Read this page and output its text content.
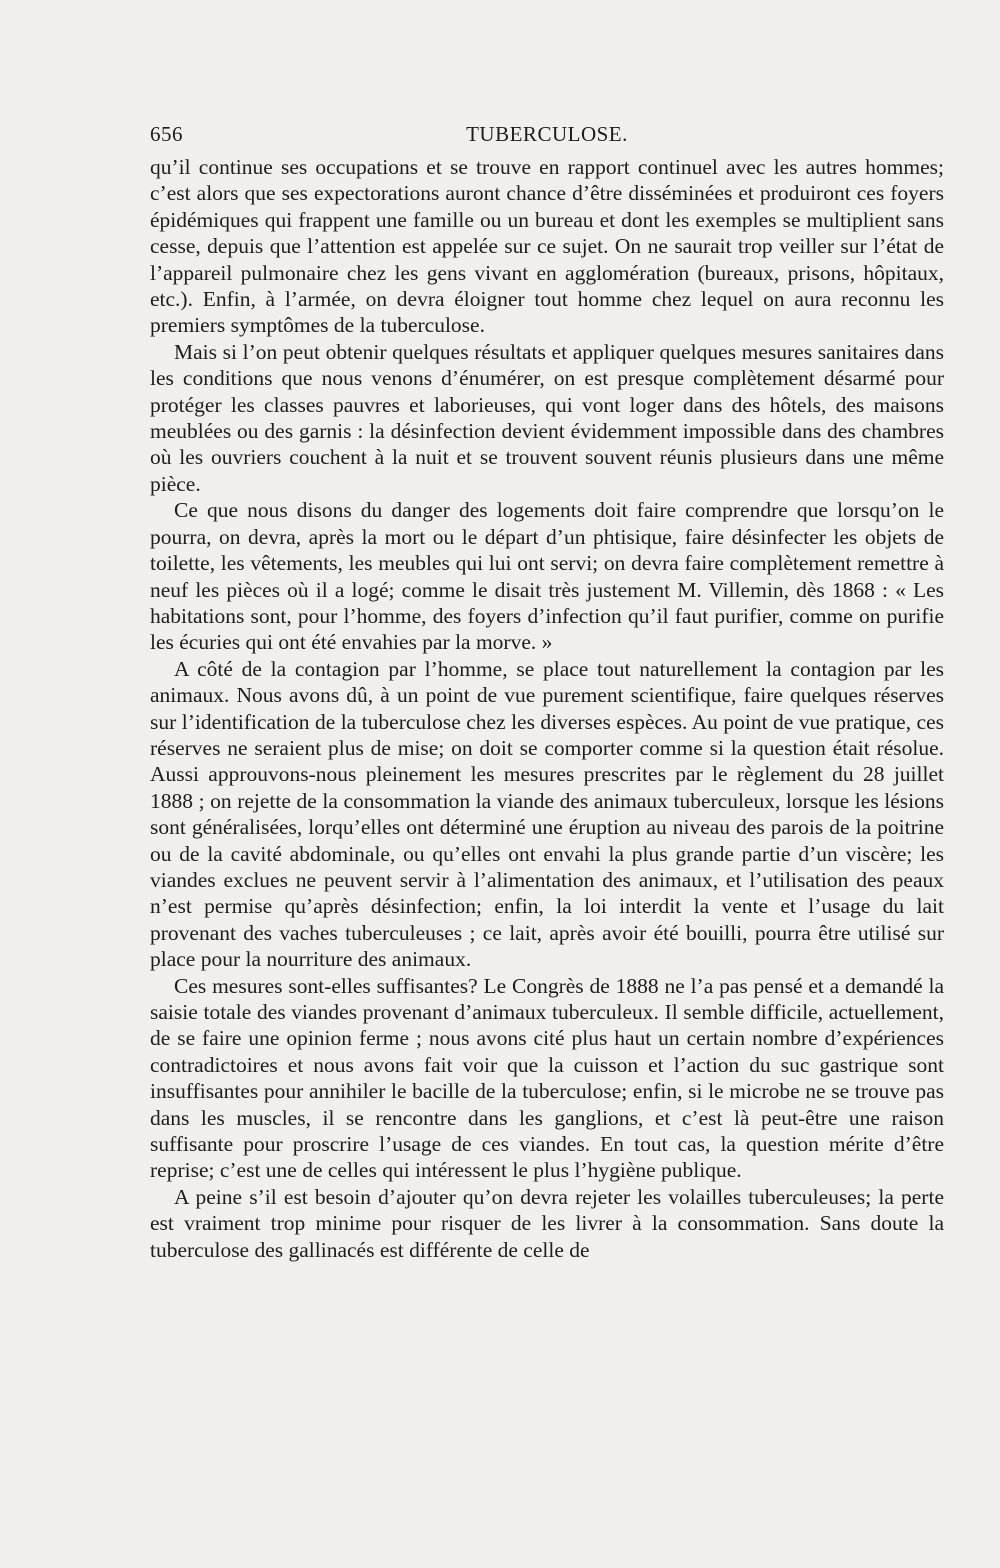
656	TUBERCULOSE.

qu’il continue ses occupations et se trouve en rapport continuel avec les autres hommes; c’est alors que ses expectorations auront chance d’être disséminées et produiront ces foyers épidémiques qui frappent une famille ou un bureau et dont les exemples se multiplient sans cesse, depuis que l’attention est appelée sur ce sujet. On ne saurait trop veiller sur l’état de l’appareil pulmonaire chez les gens vivant en agglomération (bureaux, prisons, hôpitaux, etc.). Enfin, à l’armée, on devra éloigner tout homme chez lequel on aura reconnu les premiers symptômes de la tuberculose.

Mais si l’on peut obtenir quelques résultats et appliquer quelques mesures sanitaires dans les conditions que nous venons d’énumérer, on est presque complètement désarmé pour protéger les classes pauvres et laborieuses, qui vont loger dans des hôtels, des maisons meublées ou des garnis : la désinfection devient évidemment impossible dans des chambres où les ouvriers couchent à la nuit et se trouvent souvent réunis plusieurs dans une même pièce.

Ce que nous disons du danger des logements doit faire comprendre que lorsqu’on le pourra, on devra, après la mort ou le départ d’un phtisique, faire désinfecter les objets de toilette, les vêtements, les meubles qui lui ont servi; on devra faire complètement remettre à neuf les pièces où il a logé; comme le disait très justement M. Villemin, dès 1868 : « Les habitations sont, pour l’homme, des foyers d’infection qu’il faut purifier, comme on purifie les écuries qui ont été envahies par la morve. »

A côté de la contagion par l’homme, se place tout naturellement la contagion par les animaux. Nous avons dû, à un point de vue purement scientifique, faire quelques réserves sur l’identification de la tuberculose chez les diverses espèces. Au point de vue pratique, ces réserves ne seraient plus de mise; on doit se comporter comme si la question était résolue. Aussi approuvons-nous pleinement les mesures prescrites par le règlement du 28 juillet 1888 ; on rejette de la consommation la viande des animaux tuberculeux, lorsque les lésions sont généralisées, lorqu’elles ont déterminé une éruption au niveau des parois de la poitrine ou de la cavité abdominale, ou qu’elles ont envahi la plus grande partie d’un viscère; les viandes exclues ne peuvent servir à l’alimentation des animaux, et l’utilisation des peaux n’est permise qu’après désinfection; enfin, la loi interdit la vente et l’usage du lait provenant des vaches tuberculeuses ; ce lait, après avoir été bouilli, pourra être utilisé sur place pour la nourriture des animaux.

Ces mesures sont-elles suffisantes? Le Congrès de 1888 ne l’a pas pensé et a demandé la saisie totale des viandes provenant d’animaux tuberculeux. Il semble difficile, actuellement, de se faire une opinion ferme ; nous avons cité plus haut un certain nombre d’expériences contradictoires et nous avons fait voir que la cuisson et l’action du suc gastrique sont insuffisantes pour annihiler le bacille de la tuberculose; enfin, si le microbe ne se trouve pas dans les muscles, il se rencontre dans les ganglions, et c’est là peut-être une raison suffisante pour proscrire l’usage de ces viandes. En tout cas, la question mérite d’être reprise; c’est une de celles qui intéressent le plus l’hygiène publique.

A peine s’il est besoin d’ajouter qu’on devra rejeter les volailles tuberculeuses; la perte est vraiment trop minime pour risquer de les livrer à la consommation. Sans doute la tuberculose des gallinacés est différente de celle de
